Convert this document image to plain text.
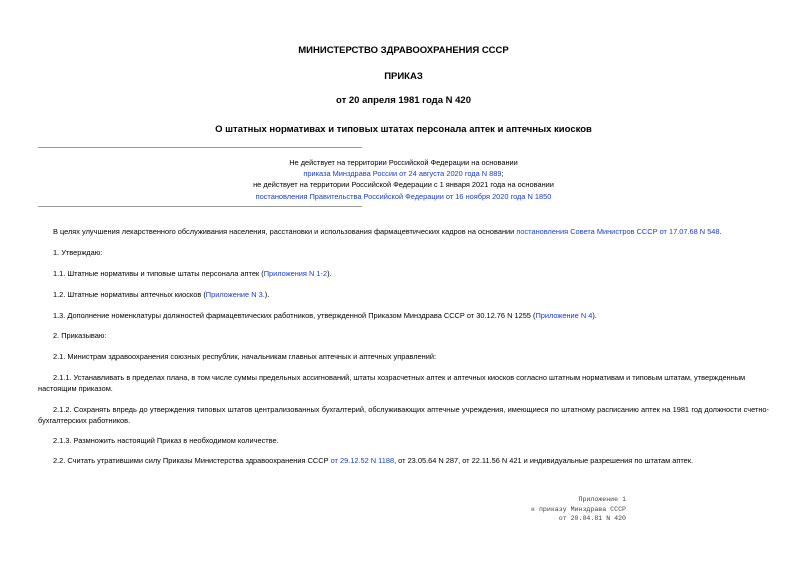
МИНИСТЕРСТВО ЗДРАВООХРАНЕНИЯ СССР
ПРИКАЗ
от 20 апреля 1981 года N 420
О штатных нормативах и типовых штатах персонала аптек и аптечных киосков
Не действует на территории Российской Федерации на основании
приказа Минздрава России от 24 августа 2020 года N 889;
не действует на территории Российской Федерации с 1 января 2021 года на основании
постановления Правительства Российской Федерации от 16 ноября 2020 года N 1850
В целях улучшения лекарственного обслуживания населения, расстановки и использования фармацевтических кадров на основании постановления Совета Министров СССР от 17.07.68 N 548.
1. Утверждаю:
1.1. Штатные нормативы и типовые штаты персонала аптек (Приложения N 1-2).
1.2. Штатные нормативы аптечных киосков (Приложение N 3.).
1.3. Дополнение номенклатуры должностей фармацевтических работников, утвержденной Приказом Минздрава СССР от 30.12.76 N 1255 (Приложение N 4).
2. Приказываю:
2.1. Министрам здравоохранения союзных республик, начальникам главных аптечных и аптечных управлений:
2.1.1. Устанавливать в пределах плана, в том числе суммы предельных ассигнований, штаты хозрасчетных аптек и аптечных киосков согласно штатным нормативам и типовым штатам, утвержденным настоящим приказом.
2.1.2. Сохранять впредь до утверждения типовых штатов централизованных бухгалтерий, обслуживающих аптечные учреждения, имеющиеся по штатному расписанию аптек на 1981 год должности счетно-бухгалтерских работников.
2.1.3. Размножить настоящий Приказ в необходимом количестве.
2.2. Считать утратившими силу Приказы Министерства здравоохранения СССР от 29.12.52 N 1188, от 23.05.64 N 287, от 22.11.56 N 421 и индивидуальные разрешения по штатам аптек.
Приложение 1
к приказу Минздрава СССР
от 20.04.81 N 420
